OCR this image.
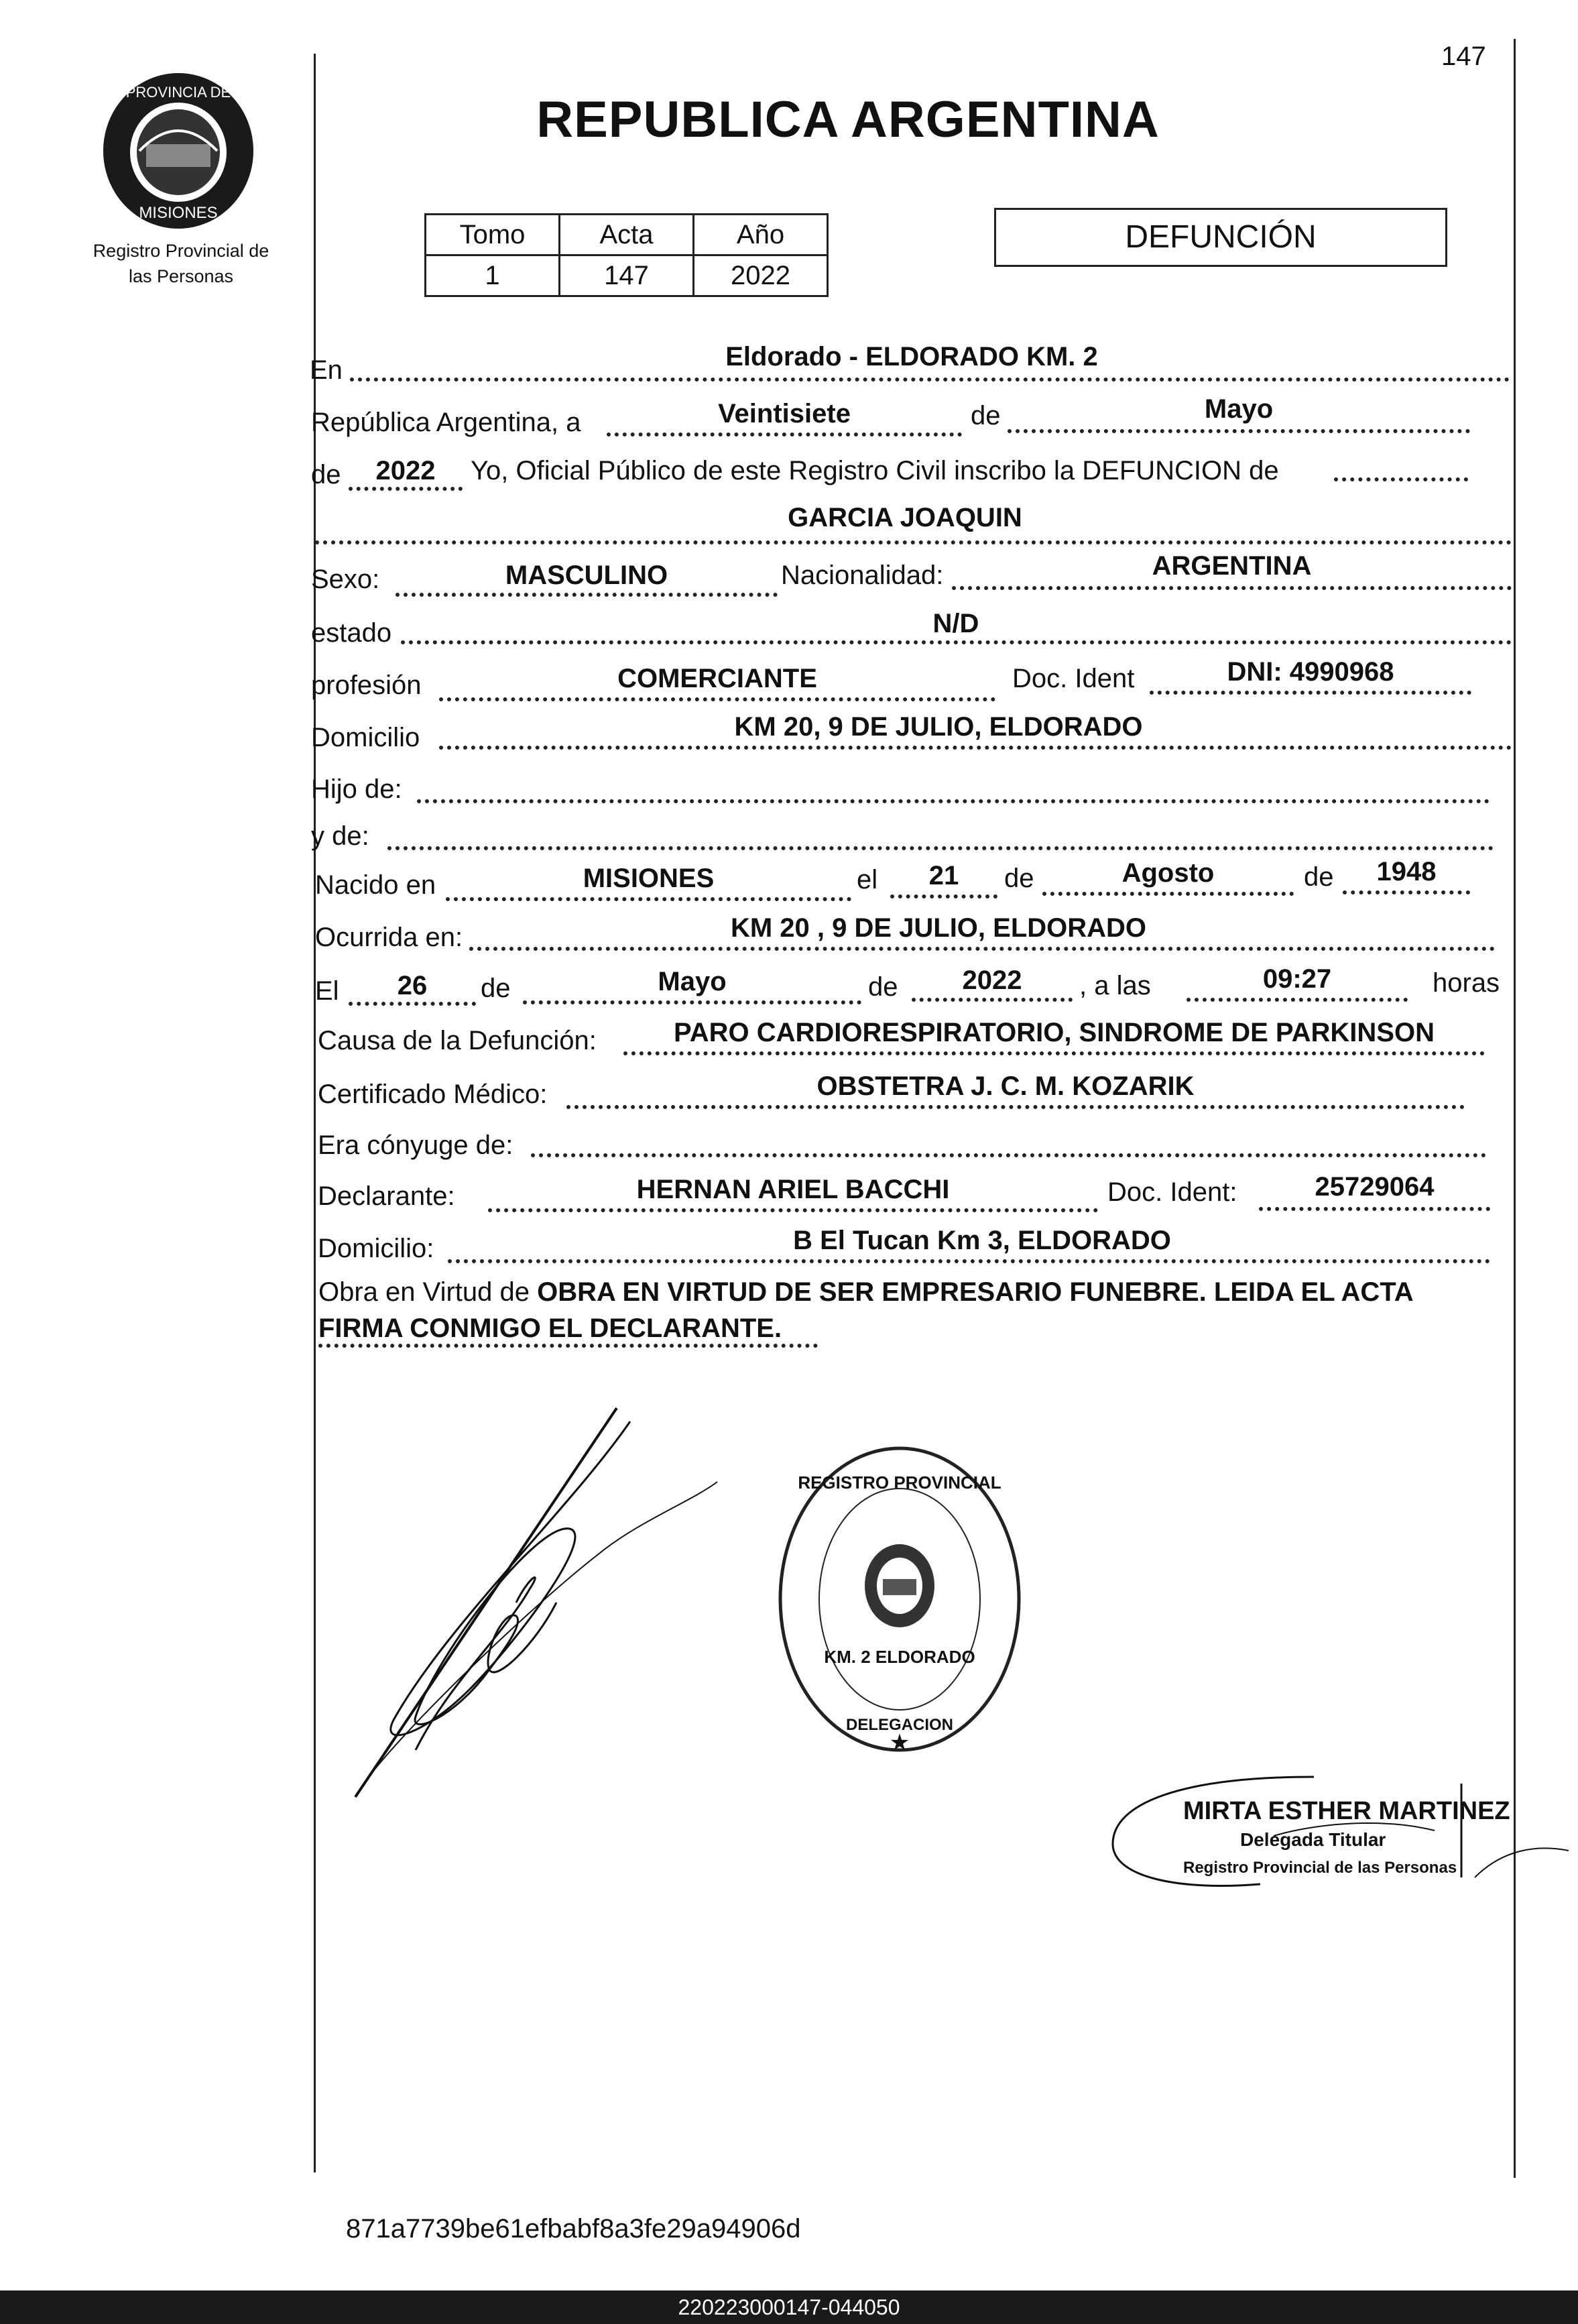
147
PROVINCIA DE
MISIONES
Registro Provincial de
las Personas
REPUBLICA ARGENTINA
Tomo	Acta	Año
1	147	2022
DEFUNCIÓN
En	Eldorado - ELDORADO KM. 2
República Argentina, a	Veintisiete	de	Mayo
de	2022	Yo, Oficial Público de este Registro Civil inscribo la DEFUNCION de
GARCIA JOAQUIN
Sexo:	MASCULINO	Nacionalidad:	ARGENTINA
estado	N/D
profesión	COMERCIANTE	Doc. Ident	DNI: 4990968
Domicilio	KM 20, 9 DE JULIO, ELDORADO
Hijo de:
y de:
Nacido en	MISIONES	el	21	de	Agosto	de	1948
Ocurrida en:	KM 20 , 9 DE JULIO, ELDORADO
El	26	de	Mayo	de	2022	, a las	09:27	horas
Causa de la Defunción:	PARO CARDIORESPIRATORIO, SINDROME DE PARKINSON
Certificado Médico:	OBSTETRA J. C. M. KOZARIK
Era cónyuge de:
Declarante:	HERNAN ARIEL BACCHI	Doc. Ident:	25729064
Domicilio:	B El Tucan Km 3, ELDORADO
Obra en Virtud de OBRA EN VIRTUD DE SER EMPRESARIO FUNEBRE. LEIDA EL ACTA
FIRMA CONMIGO EL DECLARANTE.
REGISTRO PROVINCIAL
DELEGACION
KM. 2 ELDORADO
★
MIRTA ESTHER MARTINEZ
Delegada Titular
Registro Provincial de las Personas
871a7739be61efbabf8a3fe29a94906d
220223000147-044050
